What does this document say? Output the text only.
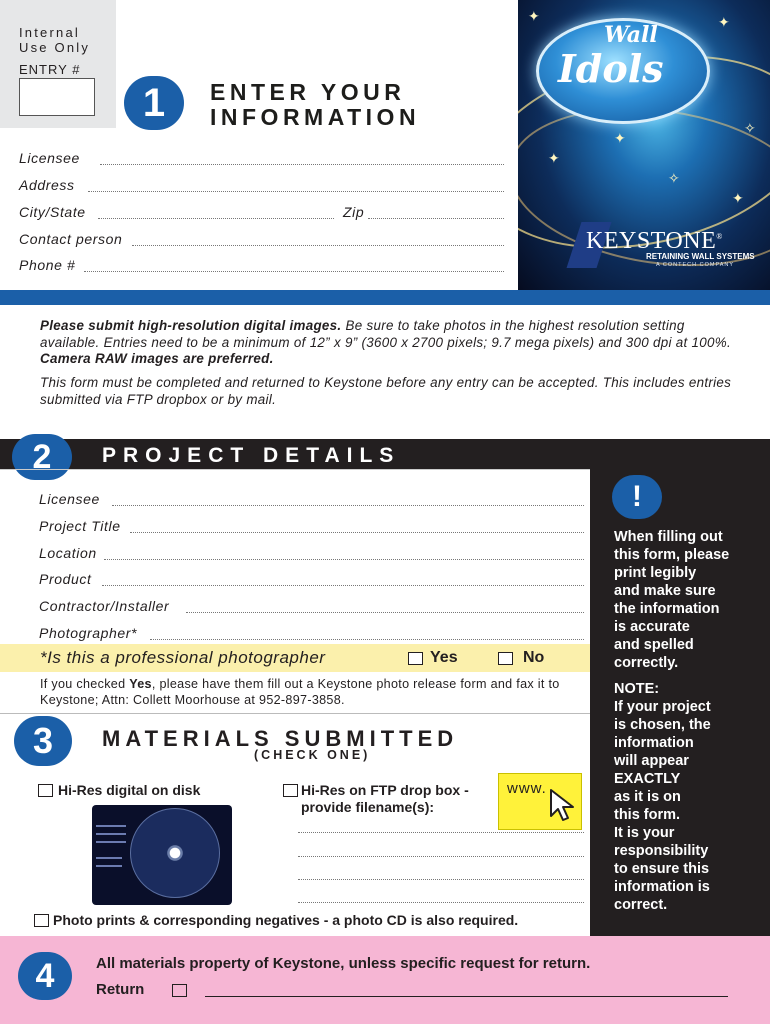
Internal
Use Only
ENTRY #
1	ENTER YOUR
INFORMATION
Licensee
Address
City/State	Zip
Contact person
Phone #
✦	✦
✧
✦
✧
✦
✦
Wall
Idols
KEYSTONE®
RETAINING WALL SYSTEMS
A CONTECH COMPANY
Please submit high-resolution digital images. Be sure to take photos in the highest resolution setting available. Entries need to be a minimum of 12” x 9” (3600 x 2700 pixels; 9.7 mega pixels) and 300 dpi at 100%. Camera RAW images are preferred.
This form must be completed and returned to Keystone before any entry can be accepted. This includes entries submitted via FTP dropbox or by mail.
2	PROJECT DETAILS
!
When filling out
this form, please
print legibly
and make sure
the information
is accurate
and spelled
correctly.
NOTE:
If your project
is chosen, the
information
will appear
EXACTLY
as it is on
this form.
It is your
responsibility
to ensure this
information is
correct.
Licensee
Project Title
Location
Product
Contractor/Installer
Photographer*
*Is this a professional photographer	Yes	No
If you checked Yes, please have them fill out a Keystone photo release form and fax it to Keystone; Attn: Collett Moorhouse at 952-897-3858.
3	MATERIALS SUBMITTED
(CHECK ONE)
Hi-Res digital on disk	Hi-Res on FTP drop box -
provide filename(s):
www.
Photo prints & corresponding negatives - a photo CD is also required.
4	All materials property of Keystone, unless specific request for return.
Return
